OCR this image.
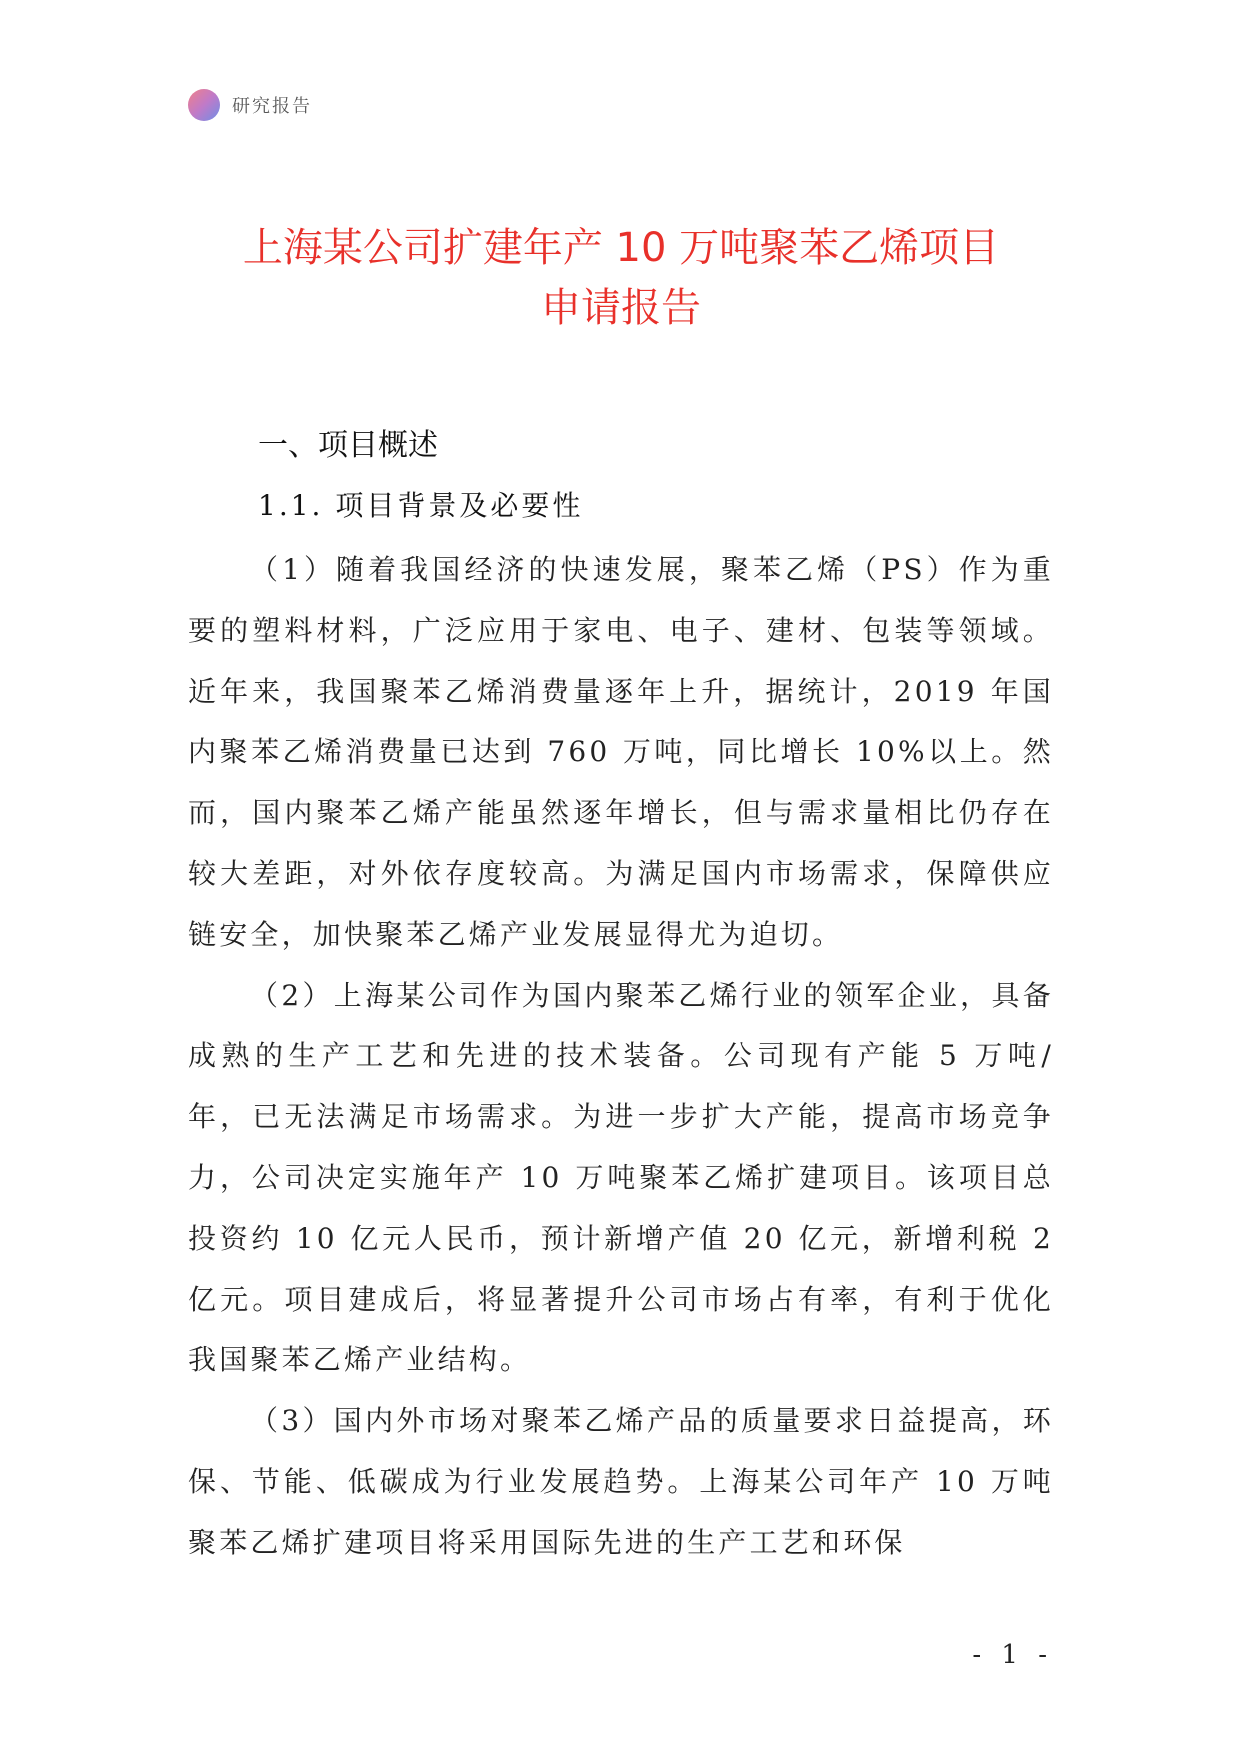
研究报告
上海某公司扩建年产 10 万吨聚苯乙烯项目
申请报告
一、项目概述
1.1. 项目背景及必要性

（1）随着我国经济的快速发展，聚苯乙烯（PS）作为重要的塑料材料，广泛应用于家电、电子、建材、包装等领域。近年来，我国聚苯乙烯消费量逐年上升，据统计，2019 年国内聚苯乙烯消费量已达到 760 万吨，同比增长 10%以上。然而，国内聚苯乙烯产能虽然逐年增长，但与需求量相比仍存在较大差距，对外依存度较高。为满足国内市场需求，保障供应链安全，加快聚苯乙烯产业发展显得尤为迫切。

（2）上海某公司作为国内聚苯乙烯行业的领军企业，具备成熟的生产工艺和先进的技术装备。公司现有产能 5 万吨/年，已无法满足市场需求。为进一步扩大产能，提高市场竞争力，公司决定实施年产 10 万吨聚苯乙烯扩建项目。该项目总投资约 10 亿元人民币，预计新增产值 20 亿元，新增利税 2 亿元。项目建成后，将显著提升公司市场占有率，有利于优化我国聚苯乙烯产业结构。

（3）国内外市场对聚苯乙烯产品的质量要求日益提高，环保、节能、低碳成为行业发展趋势。上海某公司年产 10 万吨聚苯乙烯扩建项目将采用国际先进的生产工艺和环保

- 1 -
